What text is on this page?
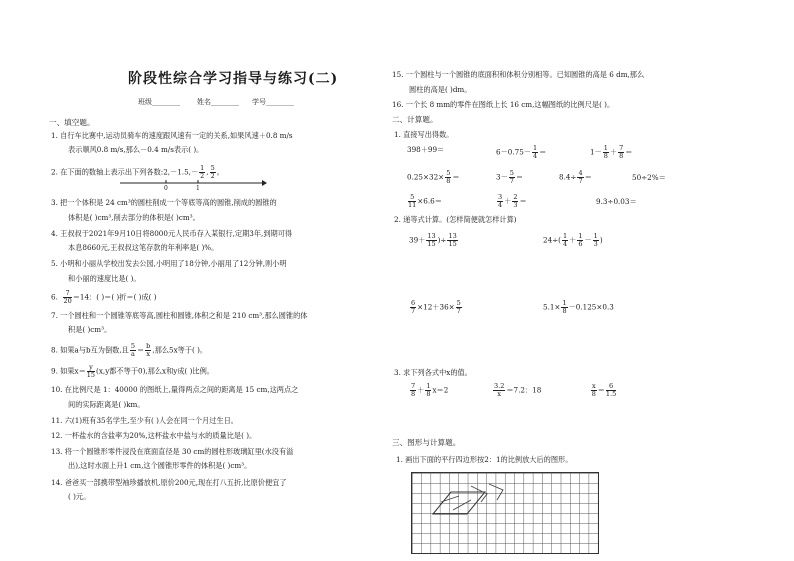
阶段性综合学习指导与练习(二)
班级________ 姓名________ 学号________
一、填空题。
1. 自行车比赛中,运动员骑车的速度跟风速有一定的关系,如果风速＋0.8 m/s
表示顺风0.8 m/s,那么－0.4 m/s表示( )。
2. 在下面的数轴上表示出下列各数:2,－1.5,－ $\frac{1}{2}$ , $\frac{5}{2}$ 。
0	1
3. 把一个体积是 24 cm³的圆柱削成一个等底等高的圆锥,削成的圆锥的
体积是( )cm³,削去部分的体积是( )cm³。
4. 王叔叔于2021年9月10日将8000元人民币存入某银行,定期3年,到期可得
本息8660元,王叔叔这笔存款的年利率是( )%。
5. 小明和小丽从学校出发去公园,小明用了18分钟,小丽用了12分钟,则小明
和小丽的速度比是( )。
6. $\frac{7}{20} =14$：( )＝( )折＝( )成( )
7. 一个圆柱和一个圆锥等底等高,圆柱和圆锥,体积之和是 210 cm³,那么圆锥的体
积是( )cm³。
8. 如果a与b互为倒数,且 $\frac{5}{a} = \frac{b}{x}$ ,那么5x等于( )。
9. 如果$x= \frac{y}{15} (x,y$都不等于0),那么x和y成( )比例。
10. 在比例尺是 1：40000 的图纸上,量得两点之间的距离是 15 cm,这两点之
间的实际距离是( )km。
11. 六(1)班有35名学生,至少有( )人会在同一个月过生日。
12. 一杯盐水的含盐率为20%,这杯盐水中盐与水的质量比是( )。
13. 将一个圆锥形零件浸没在底面直径是 30 cm的圆柱形玻璃缸里(水没有溢
出),这时水面上升1 cm,这个圆锥形零件的体积是( )cm³。
14. 爸爸买一部携带型袖珍播放机,原价200元,现在打八五折,比原价便宜了
( )元。
15. 一个圆柱与一个圆锥的底面积和体积分别相等。已知圆锥的高是 6 dm,那么
圆柱的高是( )dm。
16. 一个长 8 mm的零件在图纸上长 16 cm,这幅图纸的比例尺是( )。
二、计算题。
1. 直接写出得数。
398＋99＝	$6-0.75- \frac{1}{4}$ ＝	$1- \frac{1}{8} + \frac{7}{8}$ ＝
$0.25\times 32\times \frac{5}{8}$ ＝	$3- \frac{5}{7}$ ＝	$8.4\div \frac{4}{7}$ ＝	50÷2%＝
$\frac{5}{11} \times 6.6=$	$\frac{3}{4} + \frac{2}{3}$ ＝	9.3÷0.03＝
2. 递等式计算。(怎样简便就怎样计算)
$39+ \frac{13}{15}$ )÷ $\frac{13}{15}$	$24\div( \frac{1}{4} + \frac{1}{6} - \frac{1}{3}$ )
$\frac{6}{7} \times 12+36\times \frac{5}{7}$	$5.1\times \frac{1}{8} -0.125\times 0.3$
3. 求下列各式中x的值。
$\frac{7}{8} + \frac{1}{8} x=2$	$\frac{3.2}{x} =7.2$：18	$\frac{x}{8} = \frac{6}{1.5}$
三、图形与计算题。
1. 画出下面的平行四边形按2：1的比例放大后的图形。
